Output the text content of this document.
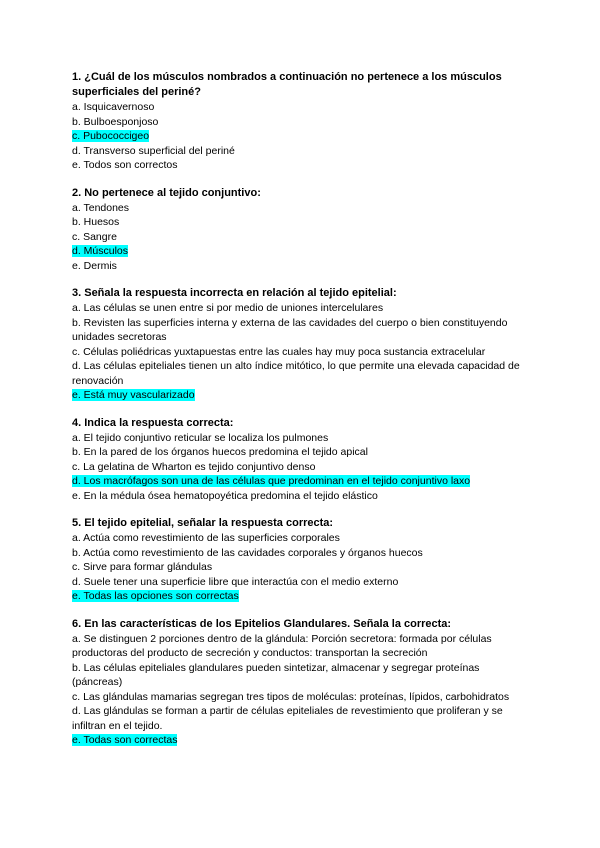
1. ¿Cuál de los músculos nombrados a continuación no pertenece a los músculos superficiales del periné?
a. Isquicavernoso
b. Bulboesponjoso
c. Pubococcigeo
d. Transverso superficial del periné
e. Todos son correctos
2. No pertenece al tejido conjuntivo:
a. Tendones
b. Huesos
c. Sangre
d. Músculos
e. Dermis
3. Señala la respuesta incorrecta en relación al tejido epitelial:
a. Las células se unen entre si por medio de uniones intercelulares
b. Revisten las superficies interna y externa de las cavidades del cuerpo o bien constituyendo unidades secretoras
c. Células poliédricas yuxtapuestas entre las cuales hay muy poca sustancia extracelular
d. Las células epiteliales tienen un alto índice mitótico, lo que permite una elevada capacidad de renovación
e. Está muy vascularizado
4. Indica la respuesta correcta:
a. El tejido conjuntivo reticular se localiza los pulmones
b. En la pared de los órganos huecos predomina el tejido apical
c. La gelatina de Wharton es tejido conjuntivo denso
d. Los macrófagos son una de las células que predominan en el tejido conjuntivo laxo
e. En la médula ósea hematopoyética predomina el tejido elástico
5. El tejido epitelial, señalar la respuesta correcta:
a. Actúa como revestimiento de las superficies corporales
b. Actúa como revestimiento de las cavidades corporales y órganos huecos
c. Sirve para formar glándulas
d. Suele tener una superficie libre que interactúa con el medio externo
e. Todas las opciones son correctas
6. En las características de los Epitelios Glandulares. Señala la correcta:
a. Se distinguen 2 porciones dentro de la glándula: Porción secretora: formada por células productoras del producto de secreción y conductos: transportan la secreción
b. Las células epiteliales glandulares pueden sintetizar, almacenar y segregar proteínas (páncreas)
c. Las glándulas mamarias segregan tres tipos de moléculas: proteínas, lípidos, carbohidratos
d. Las glándulas se forman a partir de células epiteliales de revestimiento que proliferan y se infiltran en el tejido.
e. Todas son correctas
